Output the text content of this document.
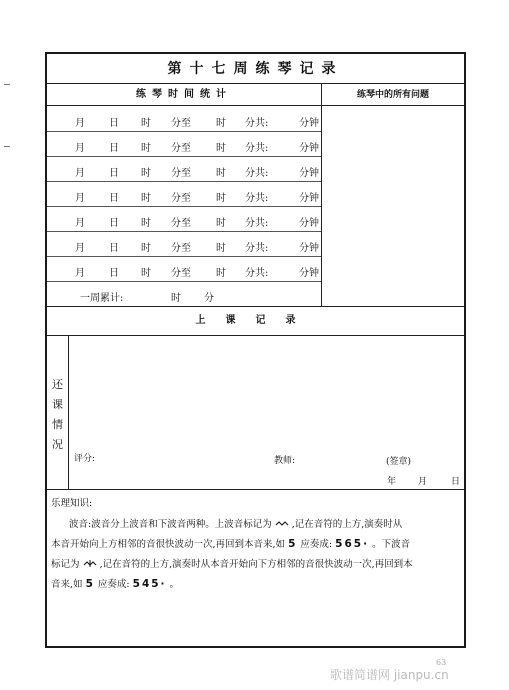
第十七周练琴记录
练琴时间统计	练琴中的所有问题
月 日 时 分至	时 分共:	分钟
月 日 时 分至	时 分共:	分钟
月 日 时 分至	时 分共:	分钟
月 日 时 分至	时 分共:	分钟
月 日 时 分至	时 分共:	分钟
月 日 时 分至	时 分共:	分钟
月 日 时 分至	时 分共:	分钟
一周累计:	时 分
上课记录
还
课
情
况
评分:	教师:	(签章)
年 月	日
乐理知识:
波音:波音分上波音和下波音两种。上波音标记为 ,记在音符的上方,演奏时从
本音开始向上方相邻的音很快波动一次,再回到本音来,如 5 应奏成: 565· 。下波音
标记为 ,记在音符的上方,演奏时从本音开始向下方相邻的音很快波动一次,再回到本
音来,如 5 应奏成: 545· 。
63
歌谱简谱网 jianpu.cn
